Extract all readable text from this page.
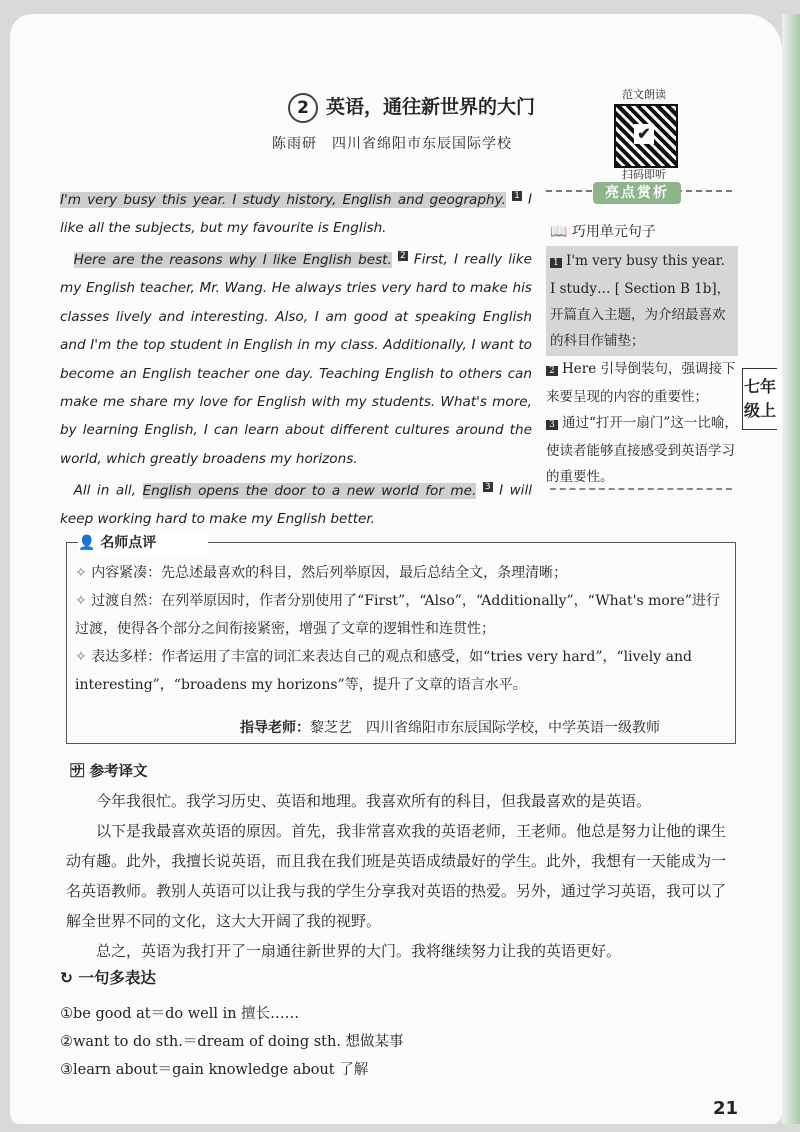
2 英语，通往新世界的大门
陈雨研　四川省绵阳市东辰国际学校
范文朗读
✔
扫码即听

I'm very busy this year. I study history, English and geography. $^1$ I like all the subjects, but my favourite is English.

 Here are the reasons why I like English best. $^2$ First, I really like my English teacher, Mr. Wang. He always tries very hard to make his classes lively and interesting. Also, I am good at speaking English and I'm the top student in English in my class. Additionally, I want to become an English teacher one day. Teaching English to others can make me share my love for English with my students. What's more, by learning English, I can learn about different cultures around the world, which greatly broadens my horizons.

 All in all, English opens the door to a new world for me. $^3$ I will keep working hard to make my English better.

亮点赏析
📖 巧用单元句子

1 I'm very busy this year. I study… [ Section B 1b]，开篇直入主题，为介绍最喜欢的科目作铺垫；

2 Here 引导倒装句，强调接下来要呈现的内容的重要性；

3 通过“打开一扇门”这一比喻，使读者能够直接感受到英语学习的重要性。

✧ 内容紧凑：先总述最喜欢的科目，然后列举原因，最后总结全文，条理清晰；
✧ 过渡自然：在列举原因时，作者分别使用了“First”，“Also”，“Additionally”，“What's more”进行过渡，使得各个部分之间衔接紧密，增强了文章的逻辑性和连贯性；
✧ 表达多样：作者运用了丰富的词汇来表达自己的观点和感受，如“tries very hard”，“lively and interesting”，“broadens my horizons”等，提升了文章的语言水平。
👤 名师点评
指导老师：黎芝艺  四川省绵阳市东辰国际学校，中学英语一级教师
🈂 参考译文

今年我很忙。我学习历史、英语和地理。我喜欢所有的科目，但我最喜欢的是英语。

以下是我最喜欢英语的原因。首先，我非常喜欢我的英语老师，王老师。他总是努力让他的课生动有趣。此外，我擅长说英语，而且我在我们班是英语成绩最好的学生。此外，我想有一天能成为一名英语教师。教别人英语可以让我与我的学生分享我对英语的热爱。另外，通过学习英语，我可以了解全世界不同的文化，这大大开阔了我的视野。

总之，英语为我打开了一扇通往新世界的大门。我将继续努力让我的英语更好。

↻ 一句多表达

①be good at＝do well in 擅长……

②want to do sth.＝dream of doing sth. 想做某事

③learn about＝gain knowledge about 了解

21
七年级上
